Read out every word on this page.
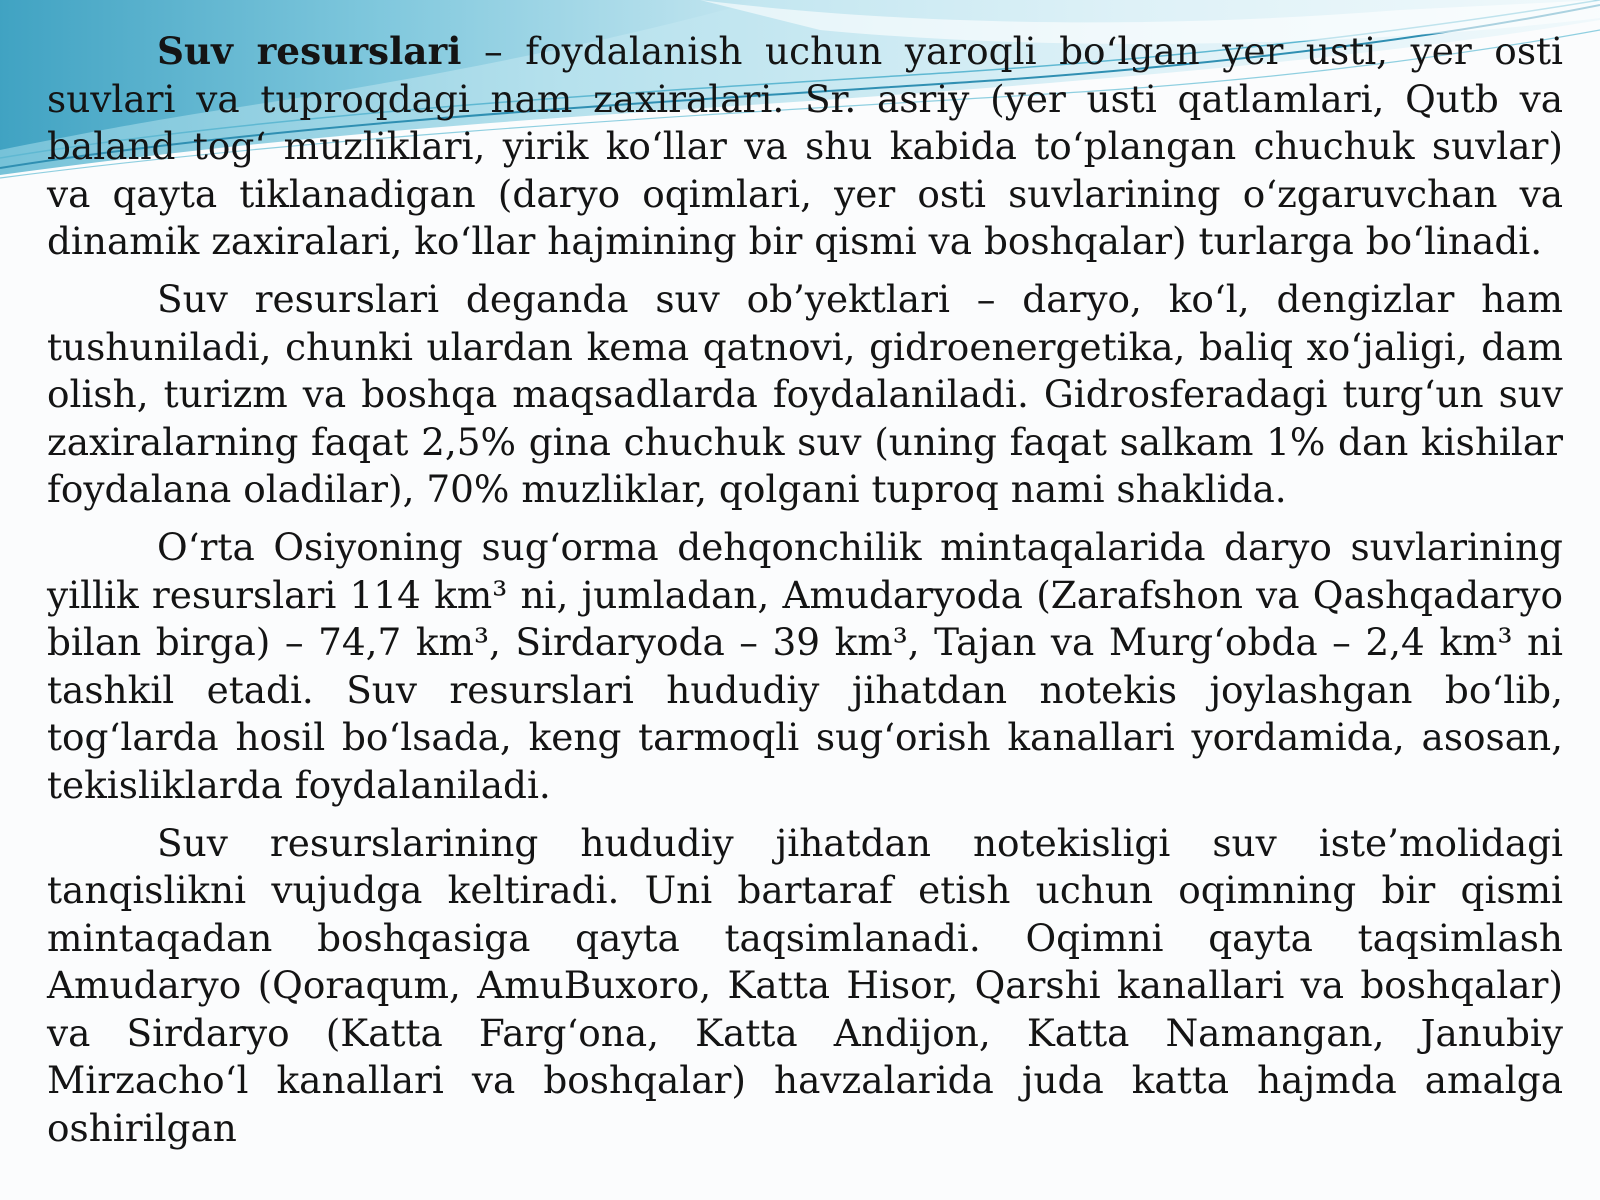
Suv resurslari – foydalanish uchun yaroqli bo‘lgan yer usti, yer osti suvlari va tuproqdagi nam zaxiralari. Sr. asriy (yer usti qatlamlari, Qutb va baland tog‘ muzliklari, yirik ko‘llar va shu kabida to‘plangan chuchuk suvlar) va qayta tiklanadigan (daryo oqimlari, yer osti suvlarining o‘zgaruvchan va dinamik zaxiralari, ko‘llar hajmining bir qismi va boshqalar) turlarga bo‘linadi.

Suv resurslari deganda suv ob’yektlari – daryo, ko‘l, dengizlar ham tushuniladi, chunki ulardan kema qatnovi, gidroenergetika, baliq xo‘jaligi, dam olish, turizm va boshqa maqsadlarda foydalaniladi. Gidrosferadagi turg‘un suv zaxiralarning faqat 2,5% gina chuchuk suv (uning faqat salkam 1% dan kishilar foydalana oladilar), 70% muzliklar, qolgani tuproq nami shaklida.

O‘rta Osiyoning sug‘orma dehqonchilik mintaqalarida daryo suvlarining yillik resurslari 114 km³ ni, jumladan, Amudaryoda (Zarafshon va Qashqadaryo bilan birga) – 74,7 km³, Sirdaryoda – 39 km³, Tajan va Murg‘obda – 2,4 km³ ni tashkil etadi. Suv resurslari hududiy jihatdan notekis joylashgan bo‘lib, tog‘larda hosil bo‘lsada, keng tarmoqli sug‘orish kanallari yordamida, asosan, tekisliklarda foydalaniladi.

Suv resurslarining hududiy jihatdan notekisligi suv iste’molidagi tanqislikni vujudga keltiradi. Uni bartaraf etish uchun oqimning bir qismi mintaqadan boshqasiga qayta taqsimlanadi. Oqimni qayta taqsimlash Amudaryo (Qoraqum, AmuBuxoro, Katta Hisor, Qarshi kanallari va boshqalar) va Sirdaryo (Katta Farg‘ona, Katta Andijon, Katta Namangan, Janubiy Mirzacho‘l kanallari va boshqalar) havzalarida juda katta hajmda amalga oshirilgan
